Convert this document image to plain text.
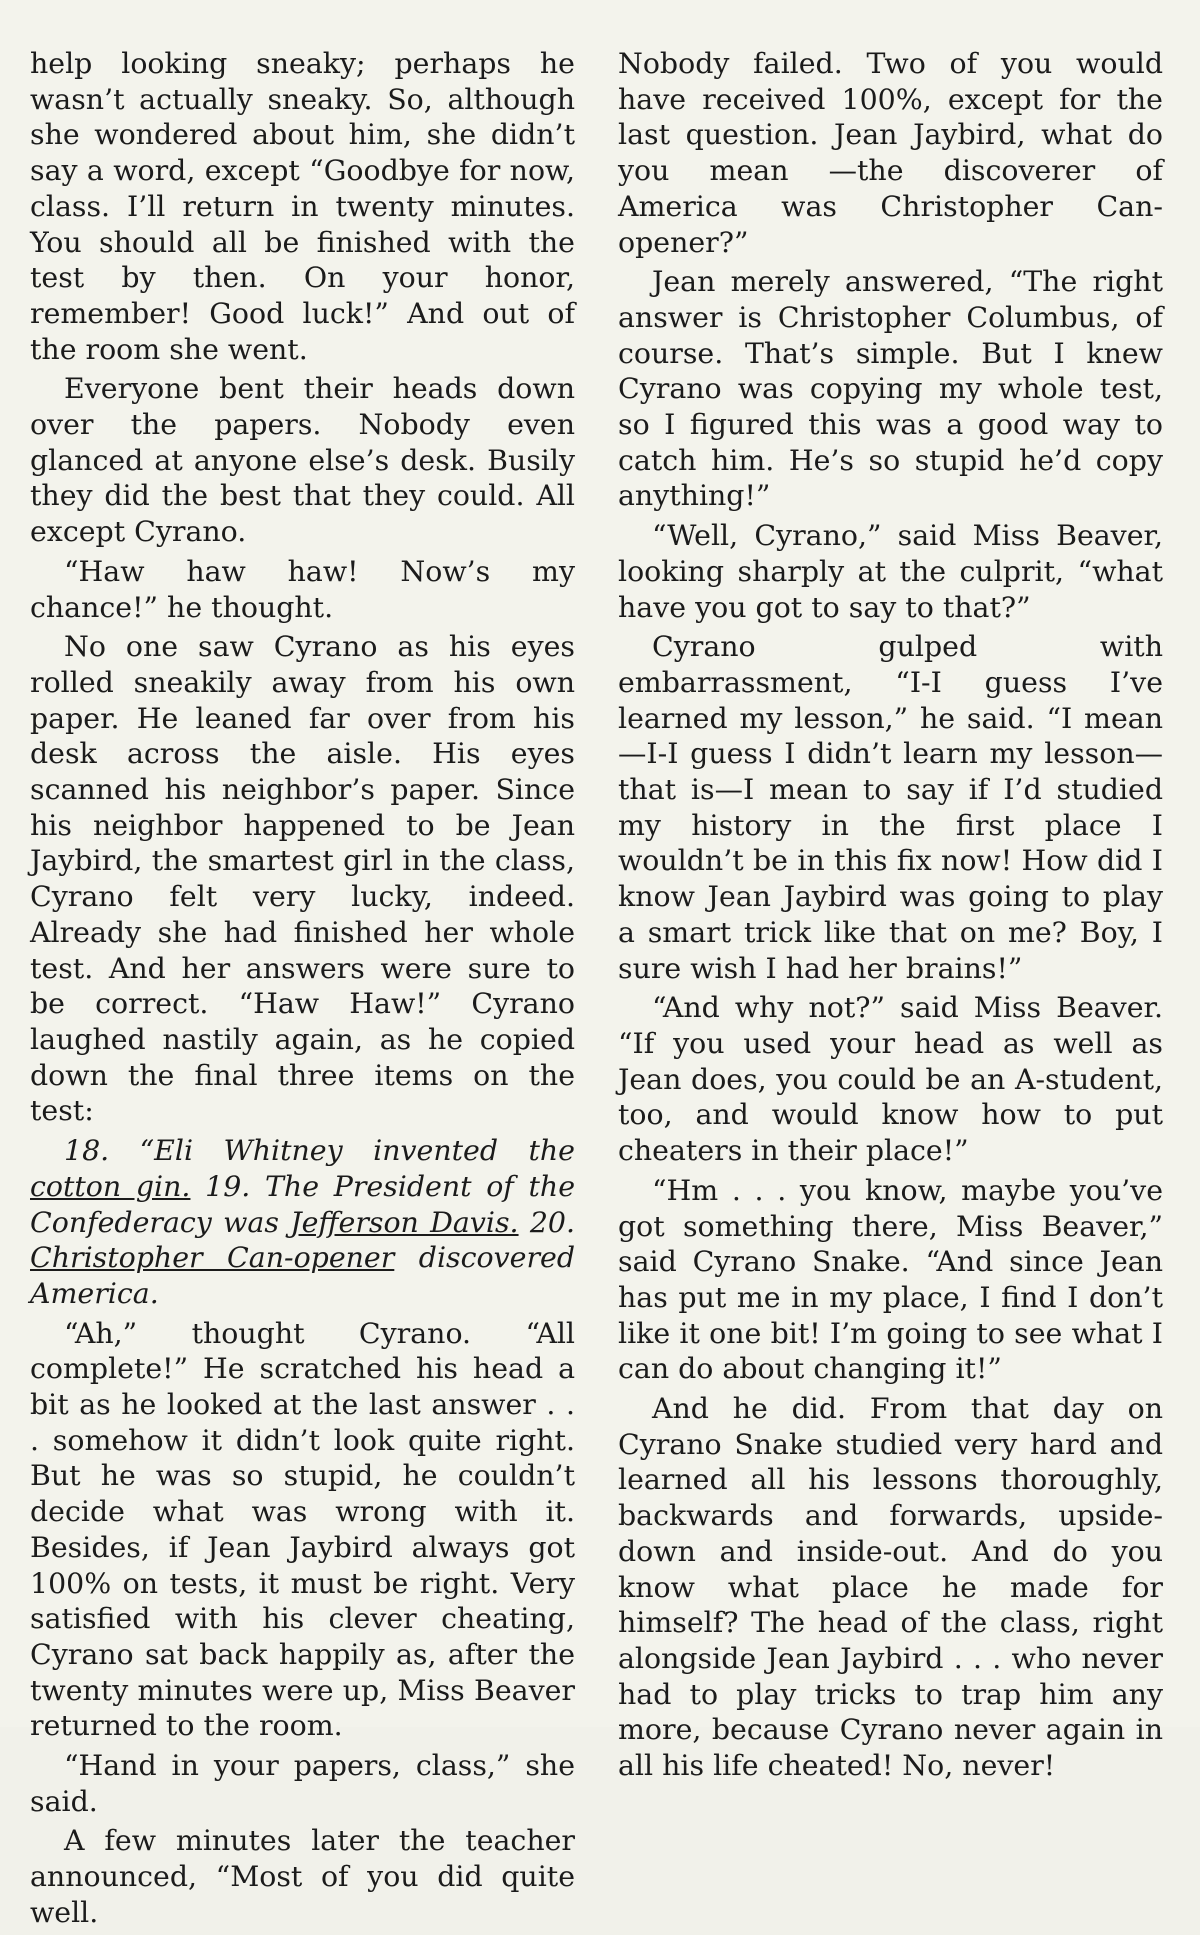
help looking sneaky; perhaps he wasn’t actually sneaky. So, although she wondered about him, she didn’t say a word, except “Goodbye for now, class. I’ll return in twenty minutes. You should all be finished with the test by then. On your honor, remember! Good luck!” And out of the room she went.

Everyone bent their heads down over the papers. Nobody even glanced at anyone else’s desk. Busily they did the best that they could. All except Cyrano.

“Haw haw haw! Now’s my chance!” he thought.

No one saw Cyrano as his eyes rolled sneakily away from his own paper. He leaned far over from his desk across the aisle. His eyes scanned his neighbor’s paper. Since his neighbor happened to be Jean Jaybird, the smartest girl in the class, Cyrano felt very lucky, indeed. Already she had finished her whole test. And her answers were sure to be correct. “Haw Haw!” Cyrano laughed nastily again, as he copied down the final three items on the test:

18. “Eli Whitney invented the cotton gin. 19. The President of the Confederacy was Jefferson Davis. 20. Christopher Can-opener discovered America.

“Ah,” thought Cyrano. “All complete!” He scratched his head a bit as he looked at the last answer . . . somehow it didn’t look quite right. But he was so stupid, he couldn’t decide what was wrong with it. Besides, if Jean Jaybird always got 100% on tests, it must be right. Very satisfied with his clever cheating, Cyrano sat back happily as, after the twenty minutes were up, Miss Beaver returned to the room.

“Hand in your papers, class,” she said.

A few minutes later the teacher announced, “Most of you did quite well.

Nobody failed. Two of you would have received 100%, except for the last question. Jean Jaybird, what do you mean —the discoverer of America was Christopher Can-opener?”

Jean merely answered, “The right answer is Christopher Columbus, of course. That’s simple. But I knew Cyrano was copying my whole test, so I figured this was a good way to catch him. He’s so stupid he’d copy anything!”

“Well, Cyrano,” said Miss Beaver, looking sharply at the culprit, “what have you got to say to that?”

Cyrano gulped with embarrassment, “I-I guess I’ve learned my lesson,” he said. “I mean—I-I guess I didn’t learn my lesson—that is—I mean to say if I’d studied my history in the first place I wouldn’t be in this fix now! How did I know Jean Jaybird was going to play a smart trick like that on me? Boy, I sure wish I had her brains!”

“And why not?” said Miss Beaver. “If you used your head as well as Jean does, you could be an A-student, too, and would know how to put cheaters in their place!”

“Hm . . . you know, maybe you’ve got something there, Miss Beaver,” said Cyrano Snake. “And since Jean has put me in my place, I find I don’t like it one bit! I’m going to see what I can do about changing it!”

And he did. From that day on Cyrano Snake studied very hard and learned all his lessons thoroughly, backwards and forwards, upside-down and inside-out. And do you know what place he made for himself? The head of the class, right alongside Jean Jaybird . . . who never had to play tricks to trap him any more, because Cyrano never again in all his life cheated! No, never!
